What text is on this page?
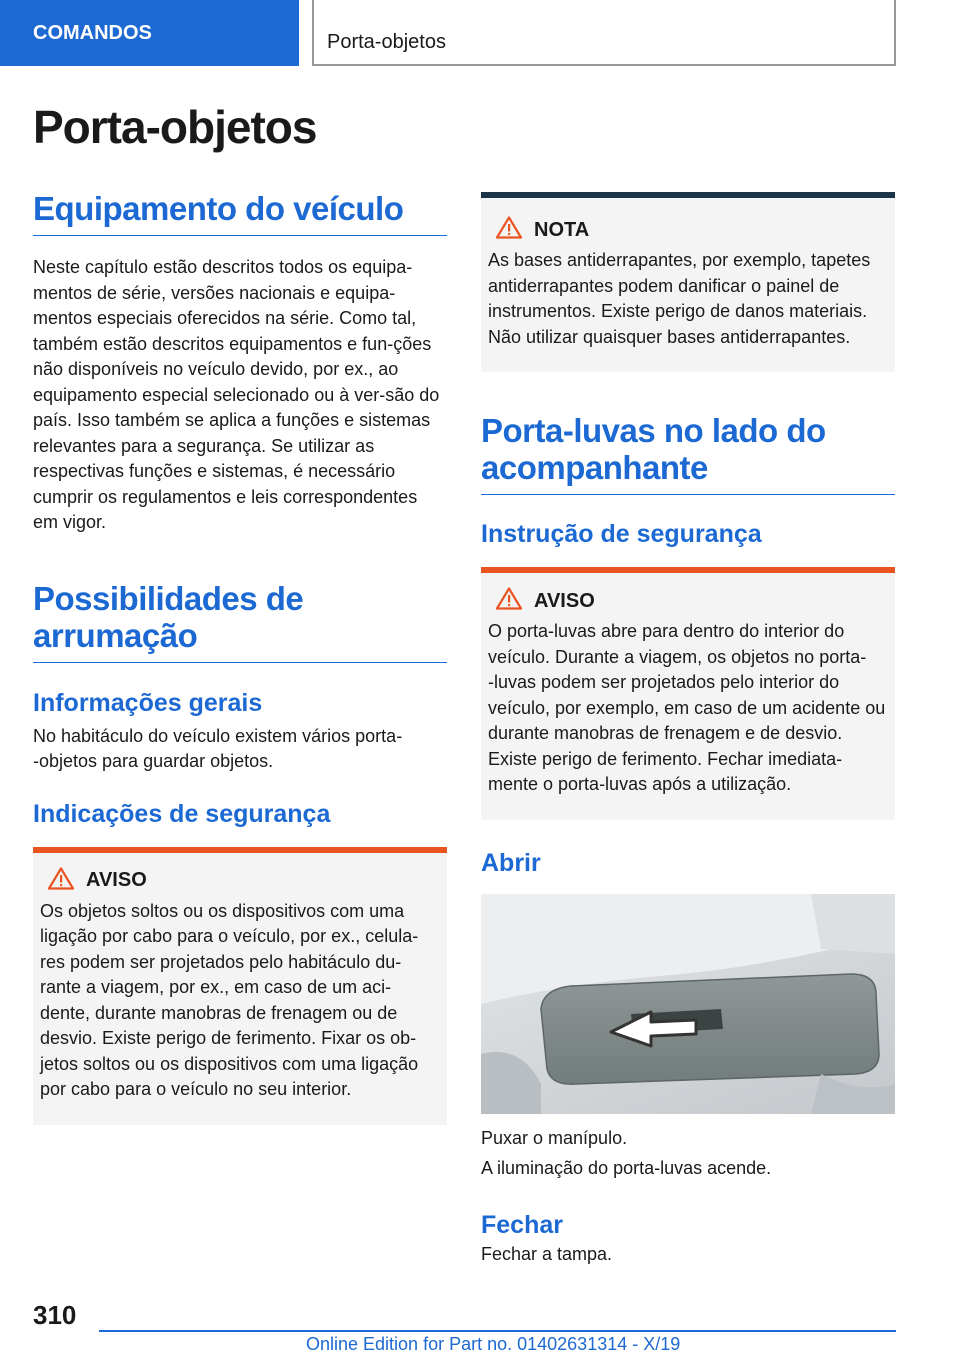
COMANDOS	Porta-objetos
Porta-objetos
Equipamento do veículo

Neste capítulo estão descritos todos os equipa-mentos de série, versões nacionais e equipa-mentos especiais oferecidos na série. Como tal, também estão descritos equipamentos e fun-ções não disponíveis no veículo devido, por ex., ao equipamento especial selecionado ou à ver-são do país. Isso também se aplica a funções e sistemas relevantes para a segurança. Se utilizar as respectivas funções e sistemas, é necessário cumprir os regulamentos e leis correspondentes em vigor.

Possibilidades de arrumação
Informações gerais

No habitáculo do veículo existem vários porta-‑objetos para guardar objetos.

Indicações de segurança
AVISO

Os objetos soltos ou os dispositivos com uma ligação por cabo para o veículo, por ex., celula-res podem ser projetados pelo habitáculo du-rante a viagem, por ex., em caso de um aci-dente, durante manobras de frenagem ou de desvio. Existe perigo de ferimento. Fixar os ob-jetos soltos ou os dispositivos com uma ligação por cabo para o veículo no seu interior.

NOTA

As bases antiderrapantes, por exemplo, tapetes antiderrapantes podem danificar o painel de instrumentos. Existe perigo de danos materiais. Não utilizar quaisquer bases antiderrapantes.

Porta-luvas no lado do acompanhante
Instrução de segurança
AVISO

O porta-luvas abre para dentro do interior do veículo. Durante a viagem, os objetos no porta-‑luvas podem ser projetados pelo interior do veículo, por exemplo, em caso de um acidente ou durante manobras de frenagem e de desvio. Existe perigo de ferimento. Fechar imediata-mente o porta-luvas após a utilização.

Abrir

Puxar o manípulo.

A iluminação do porta-luvas acende.

Fechar

Fechar a tampa.

310
Online Edition for Part no. 01402631314 - X/19
